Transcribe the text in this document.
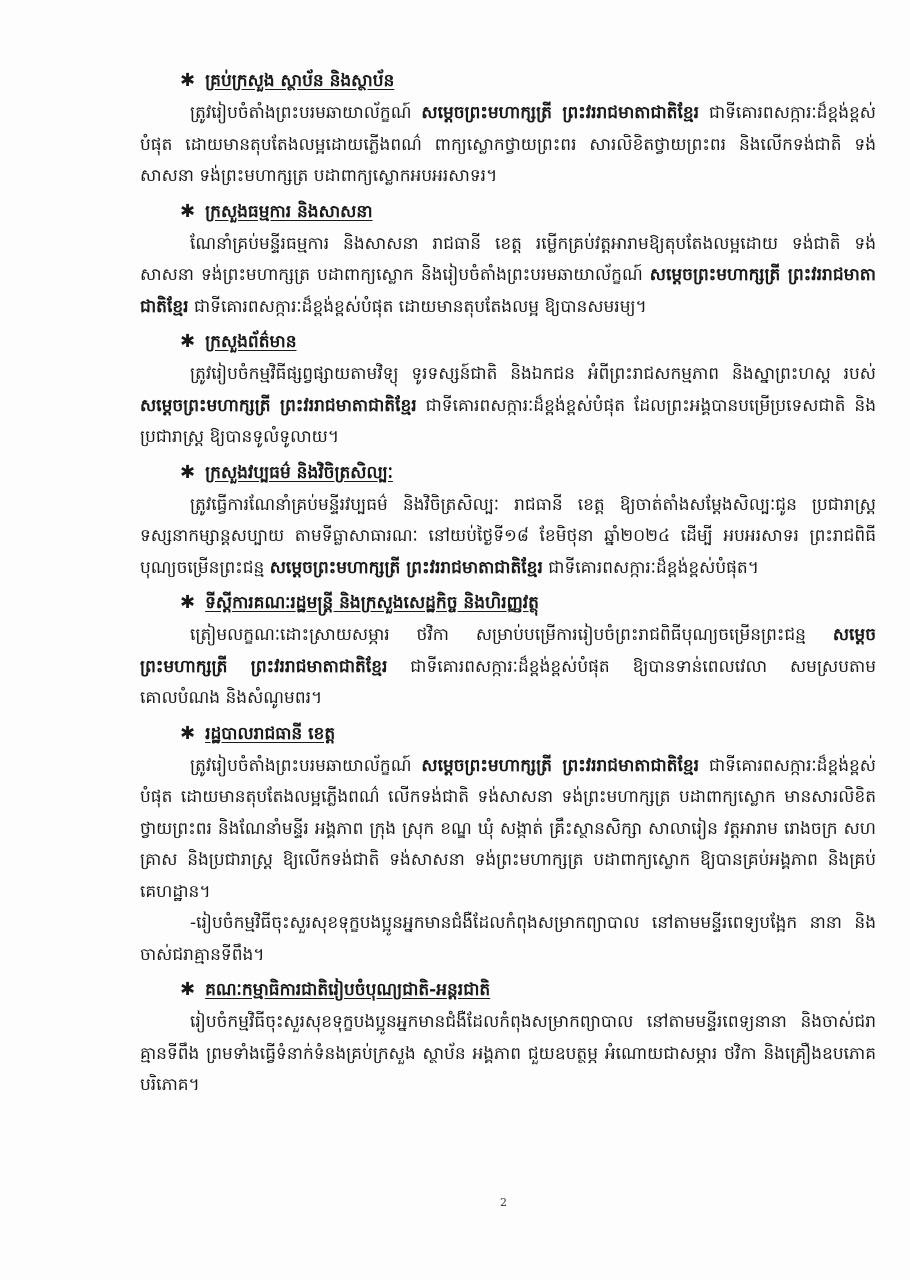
✱ គ្រប់ក្រសួង ស្ថាប័ន និងស្ថាប័ន

ត្រូវរៀបចំតាំងព្រះបរមឆាយាល័ក្ខណ៍ សម្ដេចព្រះមហាក្សត្រី ព្រះវររាជមាតាជាតិខ្មែរ ជាទីគោរពសក្ការៈដ៏ខ្ពង់ខ្ពស់បំផុត ដោយមានតុបតែងលម្អដោយភ្លើងពណ៌ ពាក្យស្លោកថ្វាយព្រះពរ សារលិខិតថ្វាយព្រះពរ និងលើកទង់ជាតិ ទង់សាសនា ទង់ព្រះមហាក្សត្រ បដាពាក្យស្លោកអបអរសាទរ។

✱ ក្រសួងធម្មការ និងសាសនា

ណែនាំគ្រប់មន្ទីរធម្មការ និងសាសនា រាជធានី ខេត្ត រម្លើកគ្រប់វត្តអារាមឱ្យតុបតែងលម្អដោយ ទង់ជាតិ ទង់សាសនា ទង់ព្រះមហាក្សត្រ បដាពាក្យស្លោក និងរៀបចំតាំងព្រះបរមឆាយាល័ក្ខណ៍ សម្ដេចព្រះមហាក្សត្រី ព្រះវររាជមាតាជាតិខ្មែរ ជាទីគោរពសក្ការៈដ៏ខ្ពង់ខ្ពស់បំផុត ដោយមានតុបតែងលម្អ ឱ្យបានសមរម្យ។

✱ ក្រសួងព័ត៌មាន

ត្រូវរៀបចំកម្មវិធីផ្សព្វផ្សាយតាមវិទ្យុ ទូរទស្សន៍ជាតិ និងឯកជន អំពីព្រះរាជសកម្មភាព និងស្នាព្រះហស្ត របស់ សម្ដេចព្រះមហាក្សត្រី ព្រះវររាជមាតាជាតិខ្មែរ ជាទីគោរពសក្ការៈដ៏ខ្ពង់ខ្ពស់បំផុត ដែលព្រះអង្គបានបម្រើប្រទេសជាតិ និងប្រជារាស្ត្រ ឱ្យបានទូលំទូលាយ។

✱ ក្រសួងវប្បធម៌ និងវិចិត្រសិល្បៈ

ត្រូវធ្វើការណែនាំគ្រប់មន្ទីរវប្បធម៌ និងវិចិត្រសិល្បៈ រាជធានី ខេត្ត ឱ្យចាត់តាំងសម្ដែងសិល្បៈជូន ប្រជារាស្ត្រទស្សនាកម្សាន្តសប្បាយ តាមទីធ្លាសាធារណៈ នៅយប់ថ្ងៃទី១៨ ខែមិថុនា ឆ្នាំ២០២៤ ដើម្បី អបអរសាទរ ព្រះរាជពិធីបុណ្យចម្រើនព្រះជន្ម សម្ដេចព្រះមហាក្សត្រី ព្រះវររាជមាតាជាតិខ្មែរ ជាទីគោរពសក្ការៈដ៏ខ្ពង់ខ្ពស់បំផុត។

✱ ទីស្តីការគណៈរដ្ឋមន្ត្រី និងក្រសួងសេដ្ឋកិច្ច និងហិរញ្ញវត្ថុ

ត្រៀមលក្ខណៈដោះស្រាយសម្ភារ ថវិកា សម្រាប់បម្រើការរៀបចំព្រះរាជពិធីបុណ្យចម្រើនព្រះជន្ម សម្ដេចព្រះមហាក្សត្រី ព្រះវររាជមាតាជាតិខ្មែរ ជាទីគោរពសក្ការៈដ៏ខ្ពង់ខ្ពស់បំផុត ឱ្យបានទាន់ពេលវេលា សមស្របតាមគោលបំណង និងសំណូមពរ។

✱ រដ្ឋបាលរាជធានី ខេត្ត

ត្រូវរៀបចំតាំងព្រះបរមឆាយាល័ក្ខណ៍ សម្ដេចព្រះមហាក្សត្រី ព្រះវររាជមាតាជាតិខ្មែរ ជាទីគោរពសក្ការៈដ៏ខ្ពង់ខ្ពស់បំផុត ដោយមានតុបតែងលម្អភ្លើងពណ៌ លើកទង់ជាតិ ទង់សាសនា ទង់ព្រះមហាក្សត្រ បដាពាក្យស្លោក មានសារលិខិតថ្វាយព្រះពរ និងណែនាំមន្ទីរ អង្គភាព ក្រុង ស្រុក ខណ្ឌ ឃុំ សង្កាត់ គ្រឹះស្ថានសិក្សា សាលារៀន វត្តអារាម រោងចក្រ សហគ្រាស និងប្រជារាស្ត្រ ឱ្យលើកទង់ជាតិ ទង់សាសនា ទង់ព្រះមហាក្សត្រ បដាពាក្យស្លោក ឱ្យបានគ្រប់អង្គភាព និងគ្រប់គេហដ្ឋាន។

-រៀបចំកម្មវិធីចុះសួរសុខទុក្ខបងប្អូនអ្នកមានជំងឺដែលកំពុងសម្រាកព្យាបាល នៅតាមមន្ទីរពេទ្យបង្អែក នានា និងចាស់ជរាគ្មានទីពឹង។

✱ គណៈកម្មាធិការជាតិរៀបចំបុណ្យជាតិ-អន្តរជាតិ

រៀបចំកម្មវិធីចុះសួរសុខទុក្ខបងប្អូនអ្នកមានជំងឺដែលកំពុងសម្រាកព្យាបាល នៅតាមមន្ទីរពេទ្យនានា និងចាស់ជរាគ្មានទីពឹង ព្រមទាំងធ្វើទំនាក់ទំនងគ្រប់ក្រសួង ស្ថាប័ន អង្គភាព ជួយឧបត្ថម្ភ អំណោយជាសម្ភារ ថវិកា និងគ្រឿងឧបភោគបរិភោគ។

2
